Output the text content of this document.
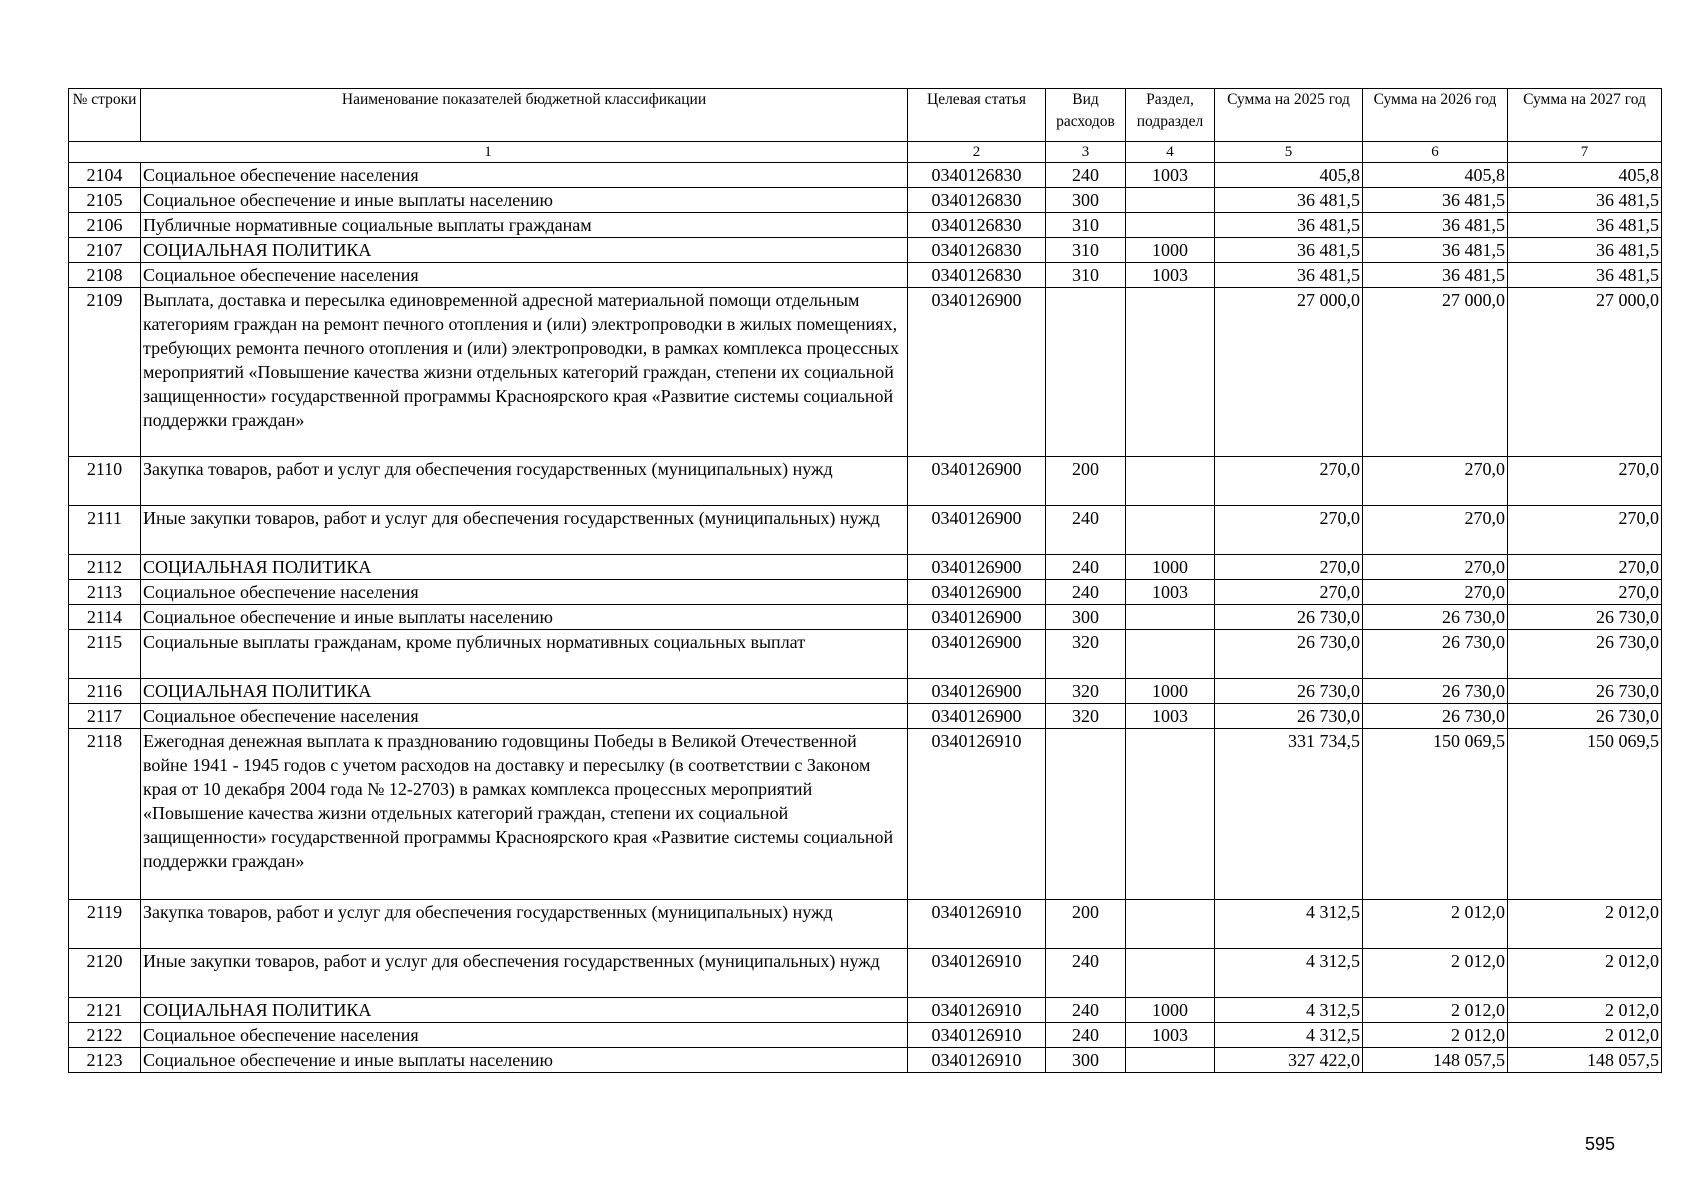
№ строки	Наименование показателей бюджетной классификации	Целевая статья	Вид расходов	Раздел, подраздел	Сумма на 2025 год	Сумма на 2026 год	Сумма на 2027 год
1		2	3	4	5	6	7
2104	Социальное обеспечение населения	0340126830	240	1003	405,8	405,8	405,8
2105	Социальное обеспечение и иные выплаты населению	0340126830	300		36 481,5	36 481,5	36 481,5
2106	Публичные нормативные социальные выплаты гражданам	0340126830	310		36 481,5	36 481,5	36 481,5
2107	СОЦИАЛЬНАЯ ПОЛИТИКА	0340126830	310	1000	36 481,5	36 481,5	36 481,5
2108	Социальное обеспечение населения	0340126830	310	1003	36 481,5	36 481,5	36 481,5
2109	Выплата, доставка и пересылка единовременной адресной материальной помощи отдельным категориям граждан на ремонт печного отопления и (или) электропроводки в жилых помещениях, требующих ремонта печного отопления и (или) электропроводки, в рамках комплекса процессных мероприятий «Повышение качества жизни отдельных категорий граждан, степени их социальной защищенности» государственной программы Красноярского края «Развитие системы социальной поддержки граждан»	0340126900			27 000,0	27 000,0	27 000,0
2110	Закупка товаров, работ и услуг для обеспечения государственных (муниципальных) нужд	0340126900	200		270,0	270,0	270,0
2111	Иные закупки товаров, работ и услуг для обеспечения государственных (муниципальных) нужд	0340126900	240		270,0	270,0	270,0
2112	СОЦИАЛЬНАЯ ПОЛИТИКА	0340126900	240	1000	270,0	270,0	270,0
2113	Социальное обеспечение населения	0340126900	240	1003	270,0	270,0	270,0
2114	Социальное обеспечение и иные выплаты населению	0340126900	300		26 730,0	26 730,0	26 730,0
2115	Социальные выплаты гражданам, кроме публичных нормативных социальных выплат	0340126900	320		26 730,0	26 730,0	26 730,0
2116	СОЦИАЛЬНАЯ ПОЛИТИКА	0340126900	320	1000	26 730,0	26 730,0	26 730,0
2117	Социальное обеспечение населения	0340126900	320	1003	26 730,0	26 730,0	26 730,0
2118	Ежегодная денежная выплата к празднованию годовщины Победы в Великой Отечественной войне 1941 - 1945 годов с учетом расходов на доставку и пересылку (в соответствии с Законом края от 10 декабря 2004 года № 12-2703) в рамках комплекса процессных мероприятий «Повышение качества жизни отдельных категорий граждан, степени их социальной защищенности» государственной программы Красноярского края «Развитие системы социальной поддержки граждан»	0340126910			331 734,5	150 069,5	150 069,5
2119	Закупка товаров, работ и услуг для обеспечения государственных (муниципальных) нужд	0340126910	200		4 312,5	2 012,0	2 012,0
2120	Иные закупки товаров, работ и услуг для обеспечения государственных (муниципальных) нужд	0340126910	240		4 312,5	2 012,0	2 012,0
2121	СОЦИАЛЬНАЯ ПОЛИТИКА	0340126910	240	1000	4 312,5	2 012,0	2 012,0
2122	Социальное обеспечение населения	0340126910	240	1003	4 312,5	2 012,0	2 012,0
2123	Социальное обеспечение и иные выплаты населению	0340126910	300		327 422,0	148 057,5	148 057,5
595
